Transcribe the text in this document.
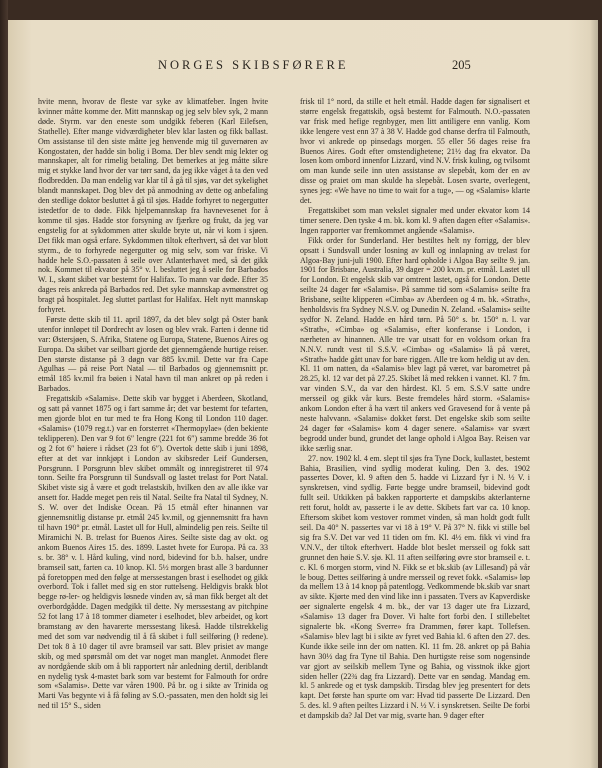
NORGES SKIBSFØRERE	205

hvite menn, hvorav de fleste var syke av klimatfeber. Ingen hvite kvinner måtte komme der. Mitt mannskap og jeg selv blev syk, 2 mann døde. Styrm. var den eneste som undgikk feberen (Karl Eilefsen, Stathelle). Efter mange vidværdigheter blev klar lasten og fikk ballast. Om assistanse til den siste måtte jeg henvende mig til guvernøren av Kongostaten, der hadde sin bolig i Boma. Der blev sendt mig lekter og mannskaper, alt for rimelig betaling. Det bemerkes at jeg måtte sikre mig et stykke land hvor der var tørr sand, da jeg ikke våget å ta den ved flodbredden. Da man endelig var klar til å gå til sjøs, var det sykelighet blandt mannskapet. Dog blev det på anmodning av dette og anbefaling den stedlige doktor besluttet å gå til sjøs. Hadde forhyret to negergutter istedetfor de to døde. Fikk hjelpemannskap fra havnevesenet for å komme til sjøs. Hadde stor forsyning av fjærkre og frukt, da jeg var engstelig for at sykdommen atter skulde bryte ut, når vi kom i sjøen. Det fikk man også erfare. Sykdommen tiltok efterhvert, så det var blott styrm., de to forhyrede negergutter og mig selv, som var friske. Vi hadde hele S.O.-passaten å seile over Atlanterhavet med, så det gikk nok. Kommet til ekvator på 35° v. l. besluttet jeg å seile for Barbados W. I., skønt skibet var bestemt for Halifax. To mann var døde. Efter 35 dages reis ankreda på Barbados red. Det syke mannskap avmønstret og bragt på hospitalet. Jeg sluttet partlast for Halifax. Helt nytt mannskap forhyret.

Første dette skib til 11. april 1897, da det blev solgt på Oster bank utenfor innløpet til Dordrecht av losen og blev vrak. Farten i denne tid var: Østersjøen, S. Afrika, Statene og Europa, Statene, Buenos Aires og Europa. Da skibet var seilbart gjorde det gjennemgående hurtige reiser. Den største distanse på 3 døgn var 885 kv.mil. Dette var fra Cape Agulhas — på reise Port Natal — til Barbados og gjennemsnitt pr. etmål 185 kv.mil fra bøien i Natal havn til man ankret op på reden i Barbados.

Fregattskib «Salamis». Dette skib var bygget i Aberdeen, Skotland, og satt på vannet 1875 og i fart samme år; det var bestemt for tefarten, men gjorde blot en tur med te fra Hong Kong til London 110 dager. «Salamis» (1079 reg.t.) var en forsterret «Thermopylae» (den bekiente teklipperen). Den var 9 fot 6″ lengre (221 fot 6″) samme bredde 36 fot og 2 fot 6″ høiere i rådset (23 fot 6″). Overtok dette skib i juni 1898, efter at det var innkjøpt i London av skibsreder Leif Gundersen, Porsgrunn. I Porsgrunn blev skibet ommålt og innregistreret til 974 tonn. Seilte fra Porsgrunn til Sundsvall og lastet trelast for Port Natal. Skibet viste sig å være et godt trelastskib, hvilken den av alle ikke var ansett for. Hadde meget pen reis til Natal. Seilte fra Natal til Sydney, N. S. W. over det Indiske Ocean. På 15 etmål efter hinannen var gjennemsnitlig distanse pr. etmål 245 kv.mil, og gjennemsnitt fra havn til havn 190° pr. etmål. Lastet ull for Hull, almindelig pen reis. Seilte til Miramichi N. B. trelast for Buenos Aires. Seilte siste dag av okt. og ankom Buenos Aires 15. des. 1899. Lastet hvete for Europa. På ca. 33 s. br. 38° v. l. Hård kuling, vind nord, bidevind for b.b. halser, undre bramseil satt, farten ca. 10 knop. Kl. 5½ morgen brast alle 3 bardunner på foretoppen med den følge at merssestangen brast i eselhodet og gikk overbord. Tok i fallet med sig en stor ruttelseng. Heldigvis brakk blot begge rø-ler- og heldigvis løsnede vinden av, så man fikk berget alt det overbordgådde. Dagen medgikk til dette. Ny merssestang av pitchpine 52 fot lang 17 à 18 tommer diameter i eselhodet, blev arbeidet, og kort bramstang av den havarerte merssestang likeså. Hadde tilstrekkelig med det som var nødvendig til å få skibet i full seilføring (ŀ redene). Det tok 8 à 10 dager til avre bramseil var satt. Blev prisiet av mange skib, og med spørsmål om det var noget man manglet. Anmodet flere av nordgående skib om å bli rapportert når anledning dertil, deriblandt en nydelig tysk 4-mastet bark som var bestemt for Falmouth for ordre som «Salamis». Dette var våren 1900. På br. og i sikte av Trinida og Marti Vas begynte vi å få føling av S.O.-passaten, men den holdt sig lei ned til 15° S., siden

frisk til 1° nord, da stille et helt etmål. Hadde dagen før signalisert et større engelsk fregattskib, også bestemt for Falmouth. N.O.-passaten var frisk med hefige regnbyger, men litt antiligere enn vanlig. Kom ikke lengere vest enn 37 à 38 V. Hadde god chanse derfra til Falmouth, hvor vi ankrede op pinsedags morgen. 55 eller 56 dages reise fra Buenos Aires. Godt efter omstendighetene; 21½ dag fra ekvator. Da losen kom ombord innenfor Lizzard, vind N.V. frisk kuling, og tvilsomt om man kunde seile inn uten assistanse av slepebåt, kom der en av disse og praiet om man skulde ha slepebåt. Losen svarte, overlegent, synes jeg: «We have no time to wait for a tug», — og «Salamis» klarte det.

Fregattskibet som man vekslet signaler med under ekvator kom 14 timer senere. Den tyske 4 m. bk. kom kl. 9 aften dagen efter «Salamis». Ingen rapporter var fremkommet angående «Salamis».

Fikk order for Sunderland. Her bestiltes helt ny forrigg, der blev opsatt i Sundsvall under losning av kull og innlapning av trelast for Algoa-Bay juni-juli 1900. Efter hard opholde i Algoa Bay seilte 9. jan. 1901 for Brisbane, Australia, 39 dager = 200 kv.m. pr. etmål. Lastet ull for London. Et engelsk skib var omtrent lastet, også for London. Dette seilte 24 dager før «Salamis». På samme tid som «Salamis» seilte fra Brisbane, seilte klipperen «Cimba» av Aberdeen og 4 m. bk. «Strath», henholdsvis fra Sydney N.S.V. og Dunedin N. Zeland. «Salamis» seilte sydfor N. Zeland. Hadde en hård tørn. På 50° s. br. 150° n. l. var «Strath», «Cimba» og «Salamis», efter konferanse i London, i nærheten av hinannen. Alle tre var utsatt for en voldsom orkan fra N.N.V. rundt vest til S.S.V. «Cimba» og «Salamis» lå på været, «Strath» hadde gått unav for bare riggen. Alle tre kom heldig ut av den. Kl. 11 om natten, da «Salamis» blev lagt på været, var barometret på 28.25, kl. 12 var det på 27.25. Skibet lå med rekken i vannet. Kl. 7 fm. var vinden S.V., da var den hårdest. Kl. 5 em. S.S.V satte undre mersseil og gikk vår kurs. Beste fremdeles hård storm. «Salamis» ankom London efter å ha vært til ankers ved Gravesend for å vente på neste halvvann. «Salamis» dokket først. Det engelske skib som seilte 24 dager før «Salamis» kom 4 dager senere. «Salamis» var svært begrodd under bund, grundet det lange ophold i Algoa Bay. Reisen var ikke særlig snar.

27. nov. 1902 kl. 4 em. slept til sjøs fra Tyne Dock, kullastet, bestemt Bahia, Brasilien, vind sydlig moderat kuling. Den 3. des. 1902 passertes Dover, kl. 9 aften den 5. hadde vi Lizzard fyr i N. ½ V. i synskretsen, vind sydlig. Førte begge undre bramseil, bidevind godt fullt seil. Utkikken på bakken rapporterte et dampskibs akterlanterne rett forut, holdt av, passerte i le av dette. Skibets fart var ca. 10 knop. Eftersom skibet kom vestover rommet vinden, så man holdt godt fullt seil. Da 40° N. passertes var vi 18 à 19° V. På 37° N. fikk vi stille bøl sig fra S.V. Det var ved 11 tiden om fm. Kl. 4½ em. fikk vi vind fra V.N.V., der tiltok efterhvert. Hadde blot beslet mersseil og fokk satt grunnet den høie S.V. sjø. Kl. 11 aften seilføring øvre stor bramseil e. t. c. Kl. 6 morgen storm, vind N. Fikk se et bk.skib (av Lillesand) på vår le boug. Dettes seilføring à undre mersseil og revet fokk. «Salamis» løp da mellem 13 à 14 knop på patentlogg. Vedkommende bk.skib var snart av sikte. Kjørte med den vind like inn i passaten. Tvers av Kapverdiske øer signalerte engelsk 4 m. bk., der var 13 dager ute fra Lizzard, «Salamis» 13 dager fra Dover. Vi halte fort forbi den. I stillebeltet signalerte bk. «Kong Sverre» fra Drammen, fører kapt. Tollefsen. «Salamis» blev lagt bi i sikte av fyret ved Bahia kl. 6 aften den 27. des. Kunde ikke seile inn der om natten. Kl. 11 fm. 28. ankret op på Bahia havn 30½ dag fra Tyne til Bahia. Den hurtigste reise som nogensinde var gjort av seilskib mellem Tyne og Bahia, og visstnok ikke gjort siden heller (22¾ dag fra Lizzard). Dette var en søndag. Mandag em. kl. 5 ankrede og et tysk dampskib. Tirsdag blev jeg presentert for dets kapt. Det første han spurte om var: Hvad tid passerte De Lizzard. Den 5. des. kl. 9 aften peiltes Lizzard i N. ½ V. i synskretsen. Seilte De forbi et dampskib da? Jal Det var mig, svarte han. 9 dager efter
